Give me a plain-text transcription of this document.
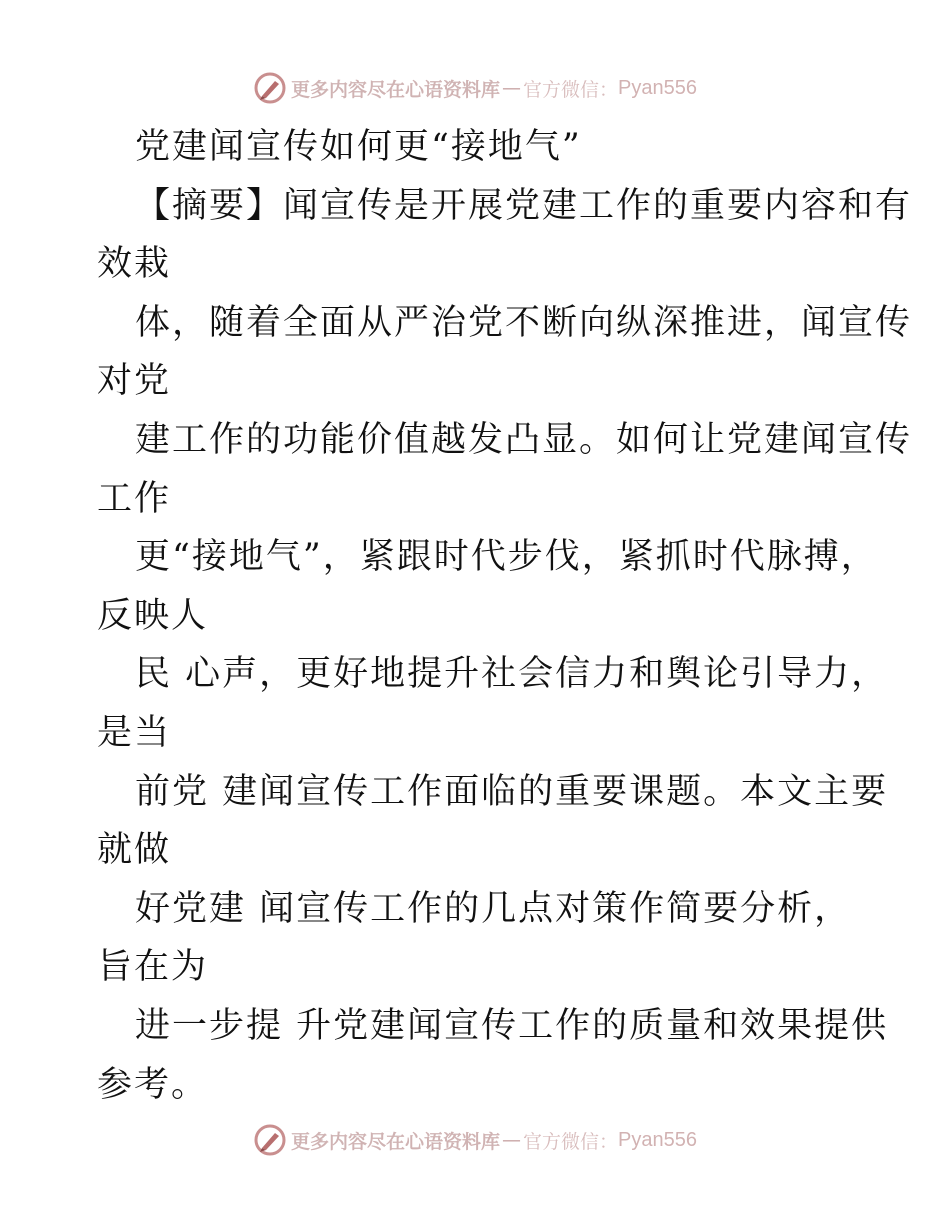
更多内容尽在心语资料库 — 官方微信： Pyan556
党建闻宣传如何更“接地气”
【摘要】闻宣传是开展党建工作的重要内容和有
效栽
体，随着全面从严治党不断向纵深推进，闻宣传
对党
建工作的功能价值越发凸显。如何让党建闻宣传
工作
更“接地气”，紧跟时代步伐，紧抓时代脉搏，
反映人
民 心声，更好地提升社会信力和舆论引导力，
是当
前党 建闻宣传工作面临的重要课题。本文主要
就做
好党建 闻宣传工作的几点对策作简要分析，
旨在为
进一步提 升党建闻宣传工作的质量和效果提供
参考。
更多内容尽在心语资料库 — 官方微信： Pyan556
